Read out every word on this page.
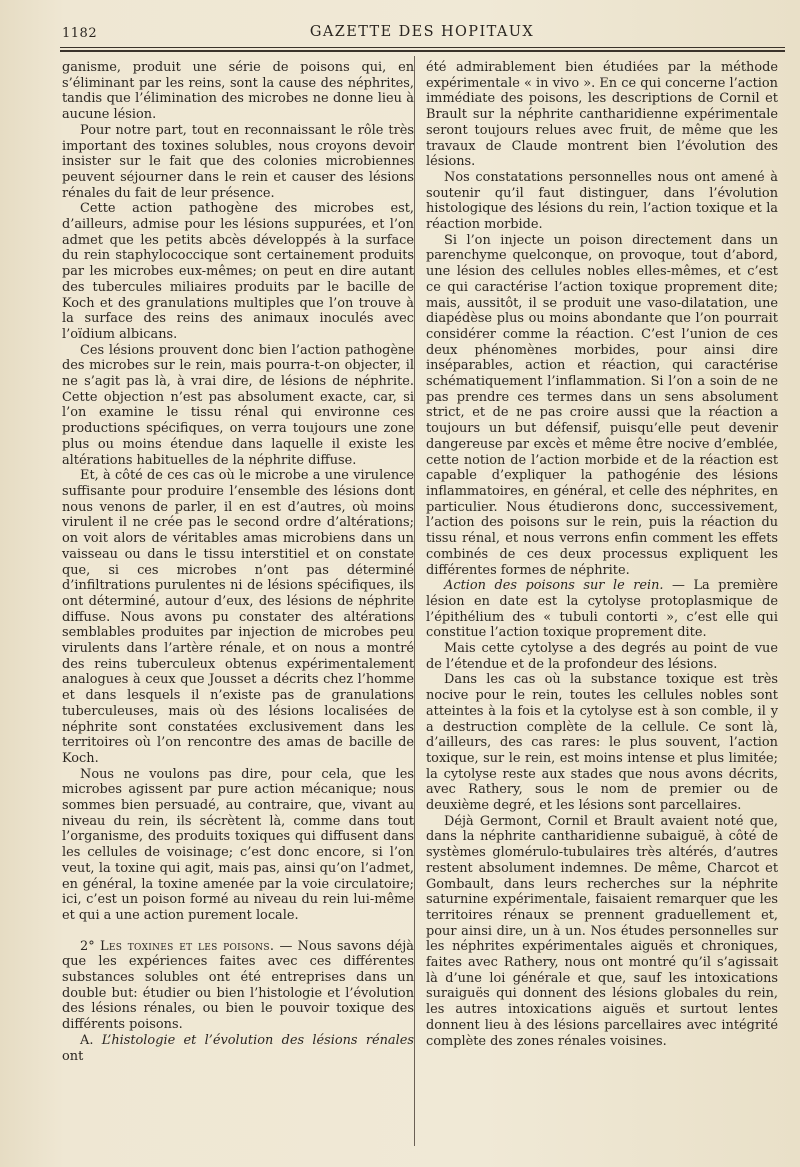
1182	GAZETTE DES HOPITAUX

ganisme, produit une série de poisons qui, en s’éliminant par les reins, sont la cause des néphrites, tandis que l’élimination des microbes ne donne lieu à aucune lésion.

Pour notre part, tout en reconnaissant le rôle très important des toxines solubles, nous croyons devoir insister sur le fait que des colonies microbiennes peuvent séjourner dans le rein et causer des lésions rénales du fait de leur présence.

Cette action pathogène des microbes est, d’ailleurs, admise pour les lésions suppurées, et l’on admet que les petits abcès développés à la surface du rein staphylococcique sont certainement produits par les microbes eux-mêmes; on peut en dire autant des tubercules miliaires produits par le bacille de Koch et des granulations multiples que l’on trouve à la surface des reins des animaux inoculés avec l’oïdium albicans.

Ces lésions prouvent donc bien l’action pathogène des microbes sur le rein, mais pourra-t-on objecter, il ne s’agit pas là, à vrai dire, de lésions de néphrite. Cette objection n’est pas absolument exacte, car, si l’on examine le tissu rénal qui environne ces productions spécifiques, on verra toujours une zone plus ou moins étendue dans laquelle il existe les altérations habituelles de la néphrite diffuse.

Et, à côté de ces cas où le microbe a une virulence suffisante pour produire l’ensemble des lésions dont nous venons de parler, il en est d’autres, où moins virulent il ne crée pas le second ordre d’altérations; on voit alors de véritables amas microbiens dans un vaisseau ou dans le tissu interstitiel et on constate que, si ces microbes n’ont pas déterminé d’infiltrations purulentes ni de lésions spécifiques, ils ont déterminé, autour d’eux, des lésions de néphrite diffuse. Nous avons pu constater des altérations semblables produites par injection de microbes peu virulents dans l’artère rénale, et on nous a montré des reins tuberculeux obtenus expérimentalement analogues à ceux que Jousset a décrits chez l’homme et dans lesquels il n’existe pas de granulations tuberculeuses, mais où des lésions localisées de néphrite sont constatées exclusivement dans les territoires où l’on rencontre des amas de bacille de Koch.

Nous ne voulons pas dire, pour cela, que les microbes agissent par pure action mécanique; nous sommes bien persuadé, au contraire, que, vivant au niveau du rein, ils sécrètent là, comme dans tout l’organisme, des produits toxiques qui diffusent dans les cellules de voisinage; c’est donc encore, si l’on veut, la toxine qui agit, mais pas, ainsi qu’on l’admet, en général, la toxine amenée par la voie circulatoire; ici, c’est un poison formé au niveau du rein lui-même et qui a une action purement locale.

2° Les toxines et les poisons. — Nous savons déjà que les expériences faites avec ces différentes substances solubles ont été entreprises dans un double but: étudier ou bien l’histologie et l’évolution des lésions rénales, ou bien le pouvoir toxique des différents poisons.

A. L’histologie et l’évolution des lésions rénales ont

été admirablement bien étudiées par la méthode expérimentale « in vivo ». En ce qui concerne l’action immédiate des poisons, les descriptions de Cornil et Brault sur la néphrite cantharidienne expérimentale seront toujours relues avec fruit, de même que les travaux de Claude montrent bien l’évolution des lésions.

Nos constatations personnelles nous ont amené à soutenir qu’il faut distinguer, dans l’évolution histologique des lésions du rein, l’action toxique et la réaction morbide.

Si l’on injecte un poison directement dans un parenchyme quelconque, on provoque, tout d’abord, une lésion des cellules nobles elles-mêmes, et c’est ce qui caractérise l’action toxique proprement dite; mais, aussitôt, il se produit une vaso-dilatation, une diapédèse plus ou moins abondante que l’on pourrait considérer comme la réaction. C’est l’union de ces deux phénomènes morbides, pour ainsi dire inséparables, action et réaction, qui caractérise schématiquement l’inflammation. Si l’on a soin de ne pas prendre ces termes dans un sens absolument strict, et de ne pas croire aussi que la réaction a toujours un but défensif, puisqu’elle peut devenir dangereuse par excès et même être nocive d’emblée, cette notion de l’action morbide et de la réaction est capable d’expliquer la pathogénie des lésions inflammatoires, en général, et celle des néphrites, en particulier. Nous étudierons donc, successivement, l’action des poisons sur le rein, puis la réaction du tissu rénal, et nous verrons enfin comment les effets combinés de ces deux processus expliquent les différentes formes de néphrite.

Action des poisons sur le rein. — La première lésion en date est la cytolyse protoplasmique de l’épithélium des « tubuli contorti », c’est elle qui constitue l’action toxique proprement dite.

Mais cette cytolyse a des degrés au point de vue de l’étendue et de la profondeur des lésions.

Dans les cas où la substance toxique est très nocive pour le rein, toutes les cellules nobles sont atteintes à la fois et la cytolyse est à son comble, il y a destruction complète de la cellule. Ce sont là, d’ailleurs, des cas rares: le plus souvent, l’action toxique, sur le rein, est moins intense et plus limitée; la cytolyse reste aux stades que nous avons décrits, avec Rathery, sous le nom de premier ou de deuxième degré, et les lésions sont parcellaires.

Déjà Germont, Cornil et Brault avaient noté que, dans la néphrite cantharidienne subaiguë, à côté de systèmes glomérulo-tubulaires très altérés, d’autres restent absolument indemnes. De même, Charcot et Gombault, dans leurs recherches sur la néphrite saturnine expérimentale, faisaient remarquer que les territoires rénaux se prennent graduellement et, pour ainsi dire, un à un. Nos études personnelles sur les néphrites expérimentales aiguës et chroniques, faites avec Rathery, nous ont montré qu’il s’agissait là d’une loi générale et que, sauf les intoxications suraiguës qui donnent des lésions globales du rein, les autres intoxications aiguës et surtout lentes donnent lieu à des lésions parcellaires avec intégrité complète des zones rénales voisines.
